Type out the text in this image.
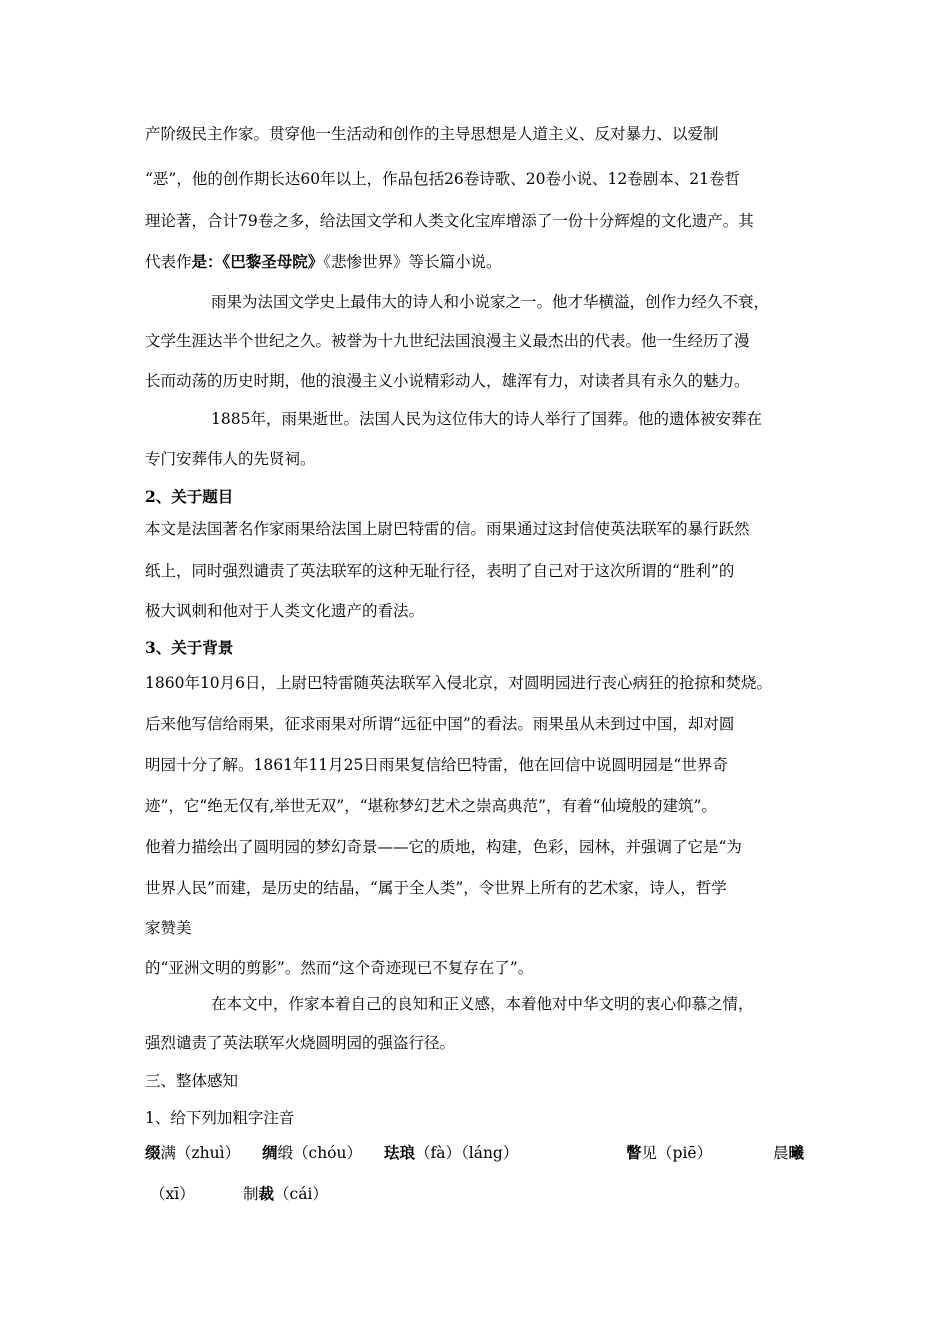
产阶级民主作家。贯穿他一生活动和创作的主导思想是人道主义、反对暴力、以爱制
“恶”，他的创作期长达60年以上，作品包括26卷诗歌、20卷小说、12卷剧本、21卷哲
理论著，合计79卷之多，给法国文学和人类文化宝库增添了一份十分辉煌的文化遗产。其
代表作是：《巴黎圣母院》《悲惨世界》等长篇小说。
雨果为法国文学史上最伟大的诗人和小说家之一。他才华横溢，创作力经久不衰，
文学生涯达半个世纪之久。被誉为十九世纪法国浪漫主义最杰出的代表。他一生经历了漫
长而动荡的历史时期，他的浪漫主义小说精彩动人，雄浑有力，对读者具有永久的魅力。
1885年，雨果逝世。法国人民为这位伟大的诗人举行了国葬。他的遗体被安葬在
专门安葬伟人的先贤祠。
2、关于题目
本文是法国著名作家雨果给法国上尉巴特雷的信。雨果通过这封信使英法联军的暴行跃然
纸上，同时强烈谴责了英法联军的这种无耻行径，表明了自己对于这次所谓的“胜利”的
极大讽刺和他对于人类文化遗产的看法。
3、关于背景
1860年10月6日，上尉巴特雷随英法联军入侵北京，对圆明园进行丧心病狂的抢掠和焚烧。
后来他写信给雨果，征求雨果对所谓“远征中国”的看法。雨果虽从未到过中国，却对圆
明园十分了解。1861年11月25日雨果复信给巴特雷，他在回信中说圆明园是“世界奇
迹”，它“绝无仅有,举世无双”，“堪称梦幻艺术之崇高典范”，有着“仙境般的建筑”。
他着力描绘出了圆明园的梦幻奇景——它的质地，构建，色彩，园林，并强调了它是“为
世界人民”而建，是历史的结晶，“属于全人类”，令世界上所有的艺术家，诗人，哲学
家赞美
的“亚洲文明的剪影”。然而“这个奇迹现已不复存在了”。
在本文中，作家本着自己的良知和正义感，本着他对中华文明的衷心仰慕之情，
强烈谴责了英法联军火烧圆明园的强盗行径。
三、整体感知
1、给下列加粗字注音
缀满（zhuì） 绸缎（chóu） 珐琅（fà）（láng）	瞥见（piē）	晨曦
（xī）	制裁（cái）
